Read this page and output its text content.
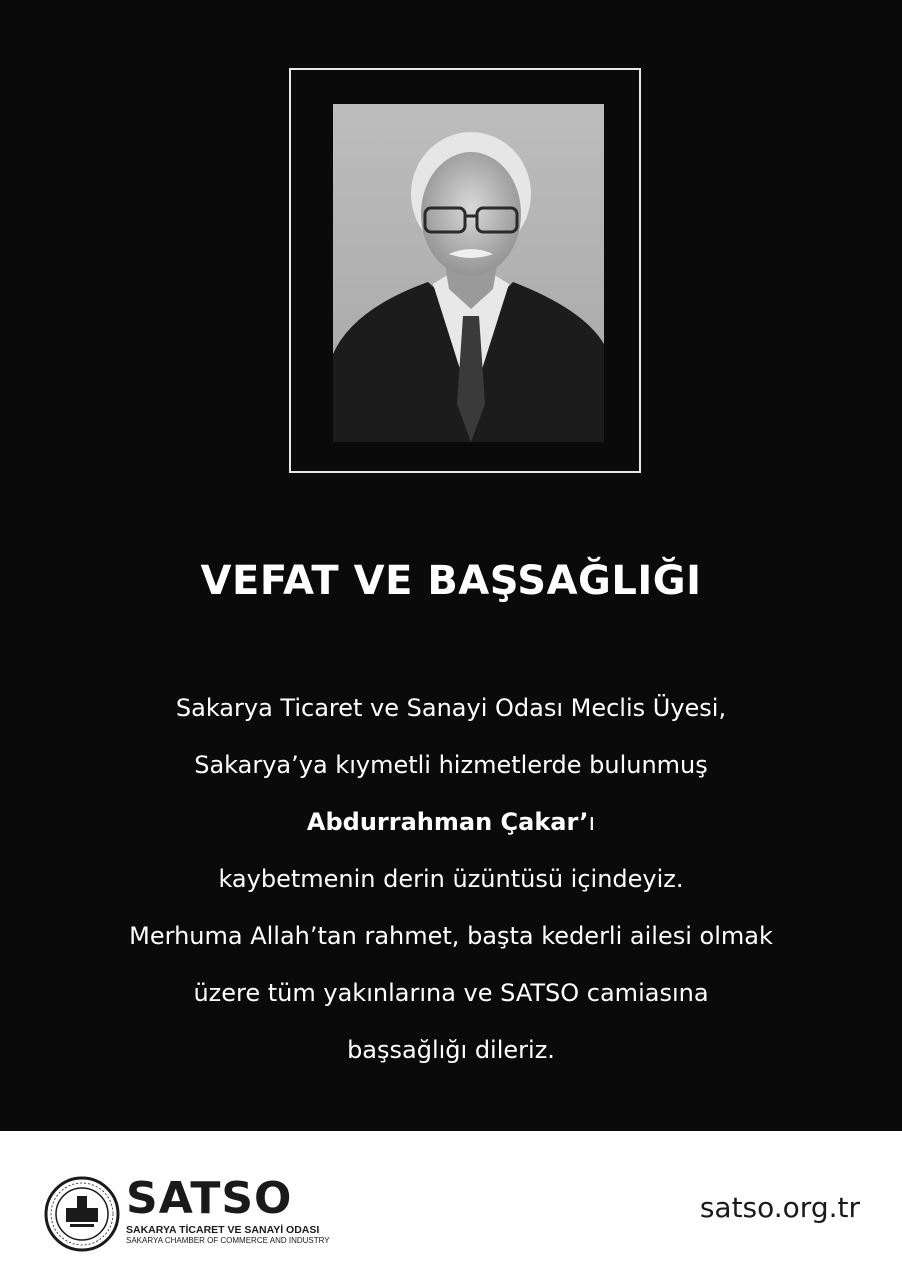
VEFAT VE BAŞSAĞLIĞI
Sakarya Ticaret ve Sanayi Odası Meclis Üyesi,
Sakarya’ya kıymetli hizmetlerde bulunmuş
Abdurrahman Çakar’ı
kaybetmenin derin üzüntüsü içindeyiz.
Merhuma Allah’tan rahmet, başta kederli ailesi olmak
üzere tüm yakınlarına ve SATSO camiasına
başsağlığı dileriz.
SATSO
SAKARYA TİCARET VE SANAYİ ODASI
SAKARYA CHAMBER OF COMMERCE AND INDUSTRY
satso.org.tr
